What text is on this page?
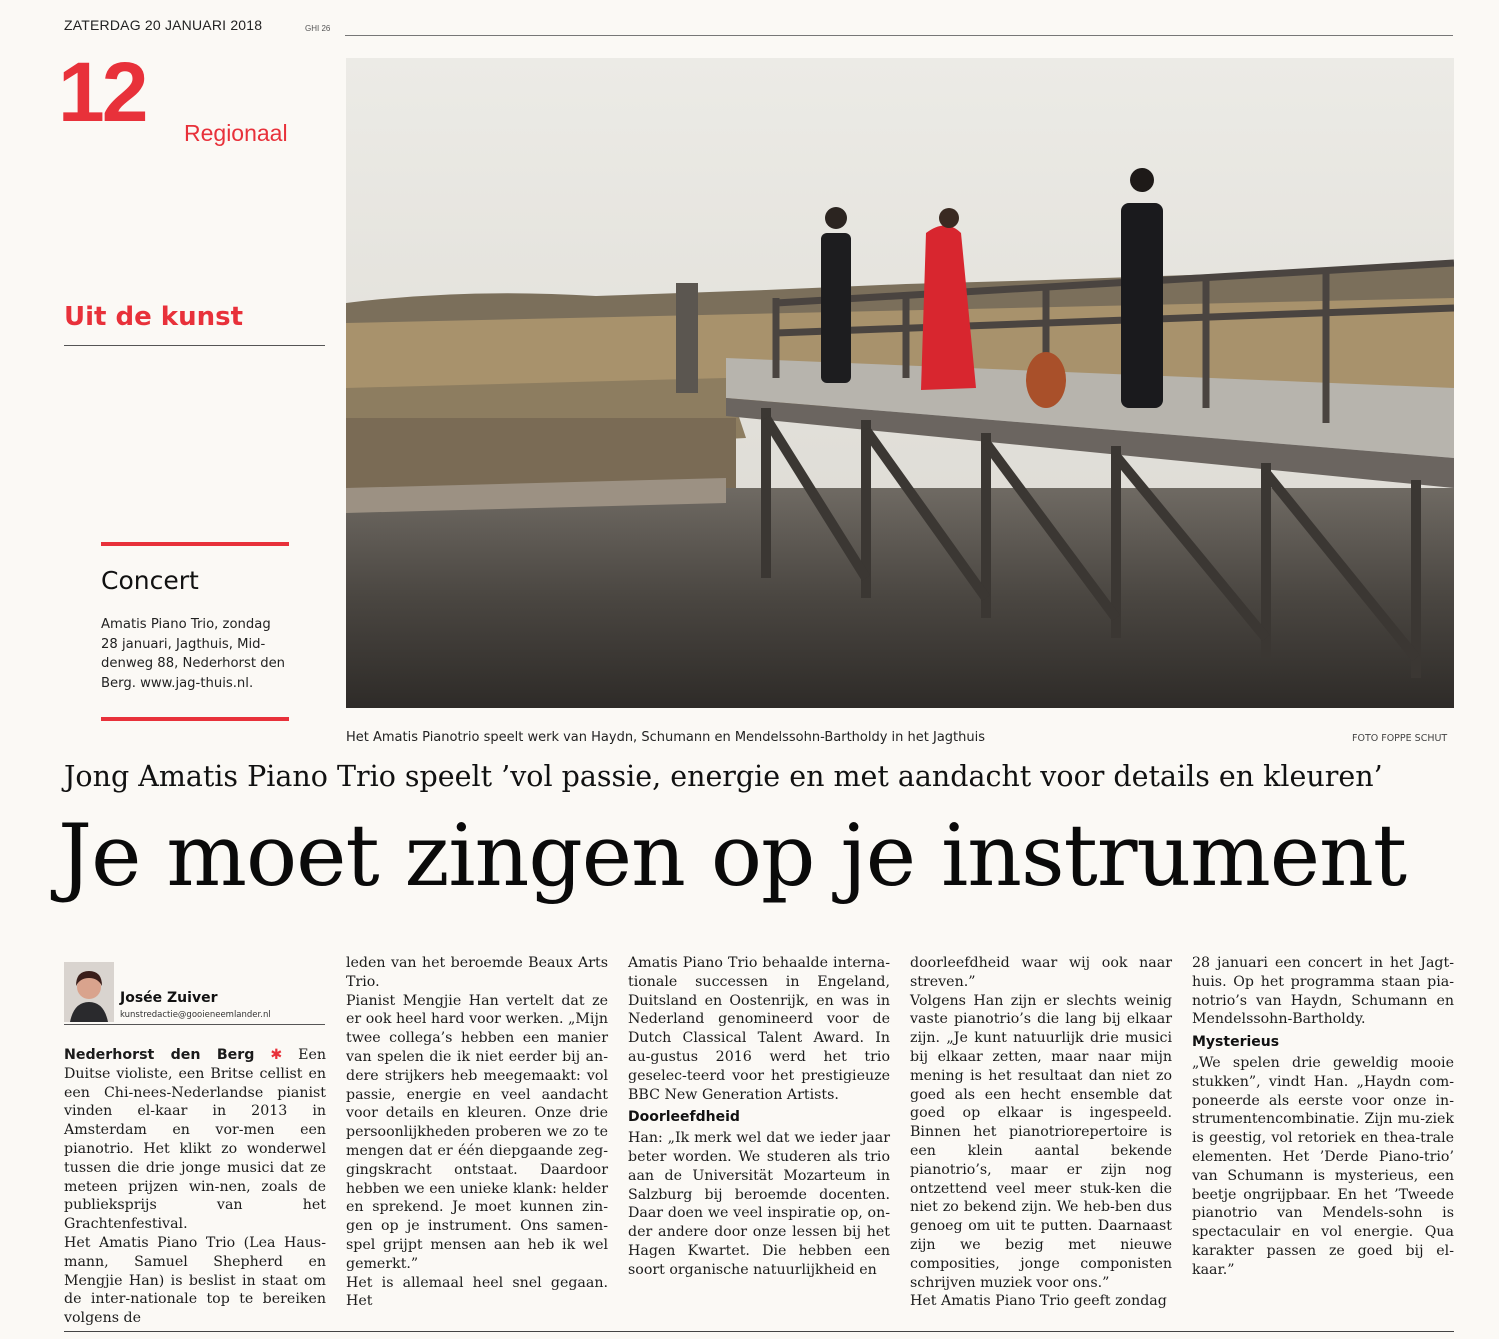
ZATERDAG 20 JANUARI 2018	GHI 26
12 Regionaal
Uit de kunst
Concert
Amatis Piano Trio, zondag 28 januari, Jagthuis, Mid-denweg 88, Nederhorst den Berg. www.jag-thuis.nl.
Het Amatis Pianotrio speelt werk van Haydn, Schumann en Mendelssohn-Bartholdy in het Jagthuis	FOTO FOPPE SCHUT
Jong Amatis Piano Trio speelt ’vol passie, energie en met aandacht voor details en kleuren’
Je moet zingen op je instrument
Josée Zuiver
kunstredactie@gooieneemlander.nl

Nederhorst den Berg ✱ Een Duitse violiste, een Britse cellist en een Chi-nees-Nederlandse pianist vinden el-kaar in 2013 in Amsterdam en vor-men een pianotrio. Het klikt zo wonderwel tussen die drie jonge musici dat ze meteen prijzen win-nen, zoals de publieksprijs van het Grachtenfestival.

Het Amatis Piano Trio (Lea Haus-mann, Samuel Shepherd en Mengjie Han) is beslist in staat om de inter-nationale top te bereiken volgens de

leden van het beroemde Beaux Arts Trio.

Pianist Mengjie Han vertelt dat ze er ook heel hard voor werken. „Mijn twee collega’s hebben een manier van spelen die ik niet eerder bij an-dere strijkers heb meegemaakt: vol passie, energie en veel aandacht voor details en kleuren. Onze drie persoonlijkheden proberen we zo te mengen dat er één diepgaande zeg-gingskracht ontstaat. Daardoor hebben we een unieke klank: helder en sprekend. Je moet kunnen zin-gen op je instrument. Ons samen-spel grijpt mensen aan heb ik wel gemerkt.”

Het is allemaal heel snel gegaan. Het

Amatis Piano Trio behaalde interna-tionale successen in Engeland, Duitsland en Oostenrijk, en was in Nederland genomineerd voor de Dutch Classical Talent Award. In au-gustus 2016 werd het trio geselec-teerd voor het prestigieuze BBC New Generation Artists.

Doorleefdheid

Han: „Ik merk wel dat we ieder jaar beter worden. We studeren als trio aan de Universität Mozarteum in Salzburg bij beroemde docenten. Daar doen we veel inspiratie op, on-der andere door onze lessen bij het Hagen Kwartet. Die hebben een soort organische natuurlijkheid en

doorleefdheid waar wij ook naar streven.”

Volgens Han zijn er slechts weinig vaste pianotrio’s die lang bij elkaar zijn. „Je kunt natuurlijk drie musici bij elkaar zetten, maar naar mijn mening is het resultaat dan niet zo goed als een hecht ensemble dat goed op elkaar is ingespeeld. Binnen het pianotriorepertoire is een klein aantal bekende pianotrio’s, maar er zijn nog ontzettend veel meer stuk-ken die niet zo bekend zijn. We heb-ben dus genoeg om uit te putten. Daarnaast zijn we bezig met nieuwe composities, jonge componisten schrijven muziek voor ons.”

Het Amatis Piano Trio geeft zondag

28 januari een concert in het Jagt-huis. Op het programma staan pia-notrio’s van Haydn, Schumann en Mendelssohn-Bartholdy.

Mysterieus

„We spelen drie geweldig mooie stukken”, vindt Han. „Haydn com-poneerde als eerste voor onze in-strumentencombinatie. Zijn mu-ziek is geestig, vol retoriek en thea-trale elementen. Het ’Derde Piano-trio’ van Schumann is mysterieus, een beetje ongrijpbaar. En het ’Tweede pianotrio van Mendels-sohn is spectaculair en vol energie. Qua karakter passen ze goed bij el-kaar.”
